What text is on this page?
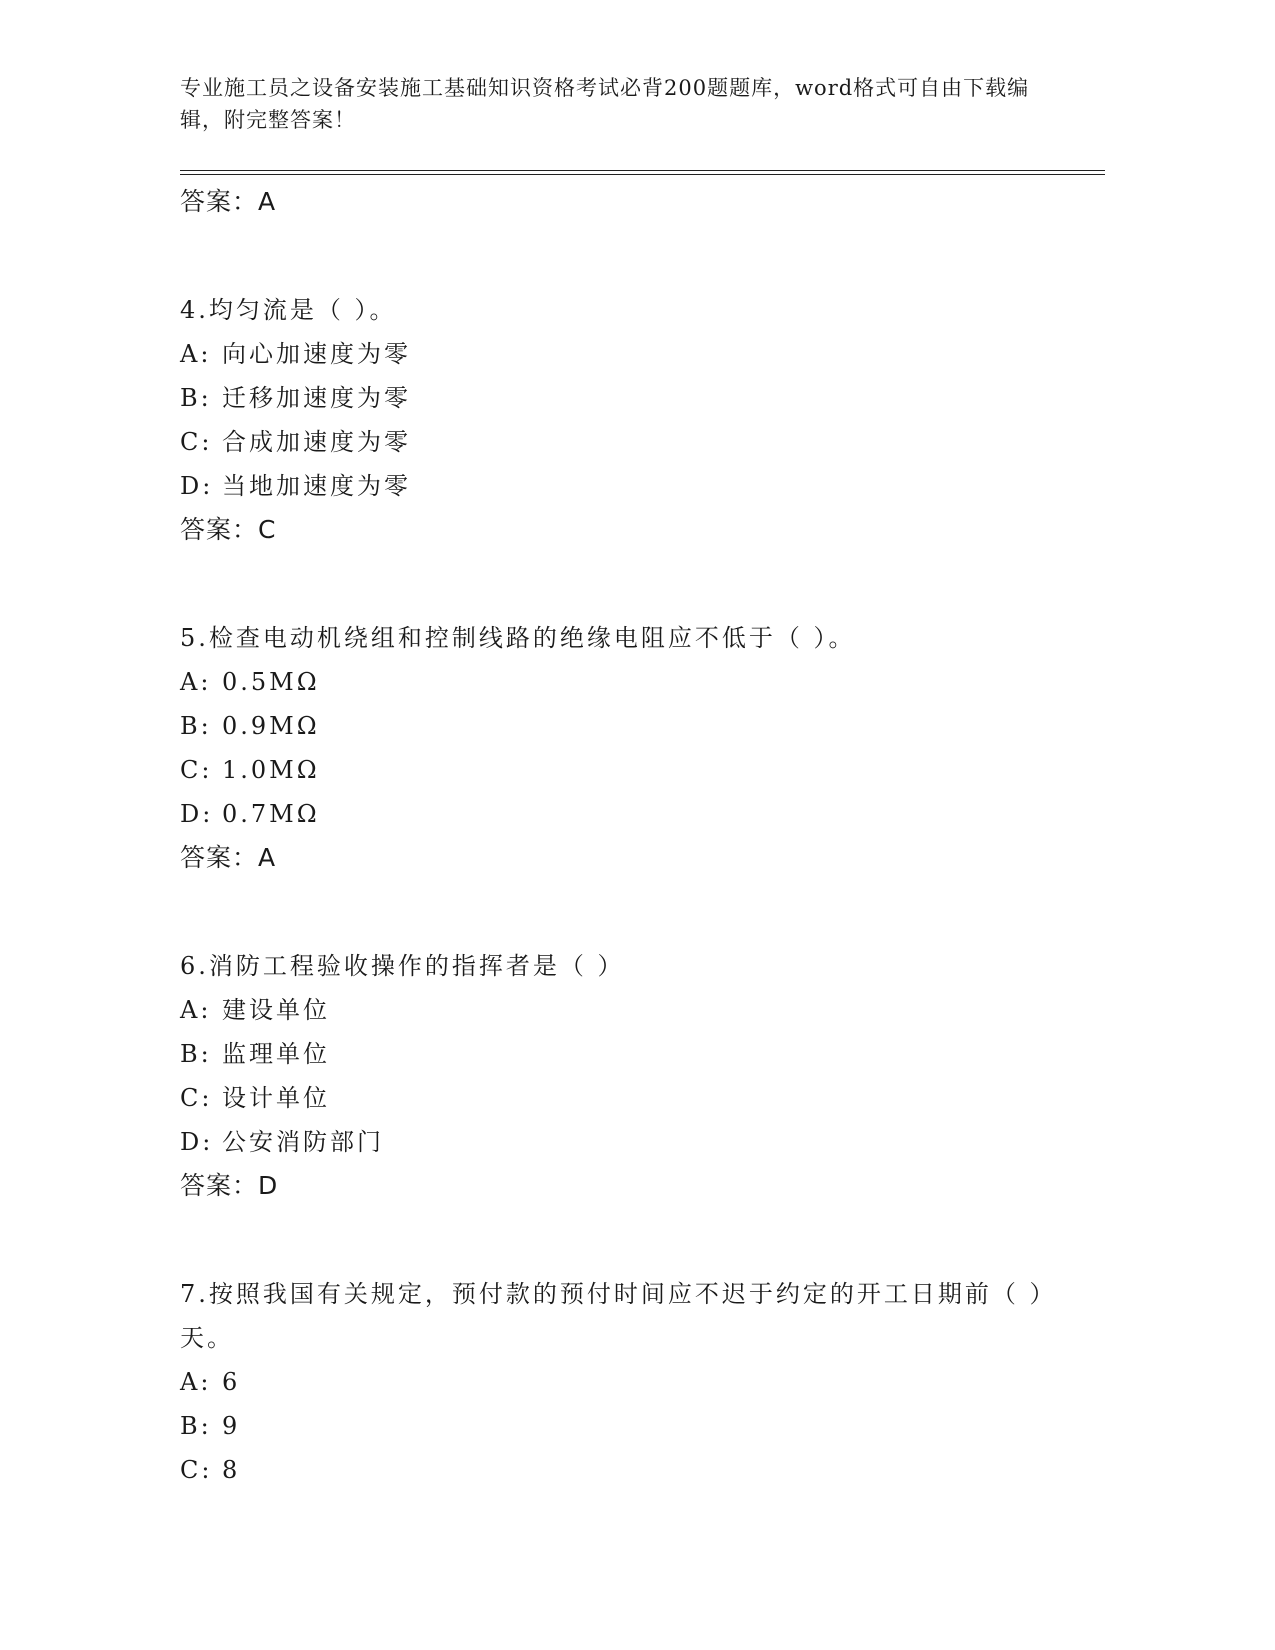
专业施工员之设备安装施工基础知识资格考试必背200题题库，word格式可自由下载编辑，附完整答案！
答案：A
4.均匀流是（ ）。
A: 向心加速度为零
B: 迁移加速度为零
C: 合成加速度为零
D: 当地加速度为零
答案：C
5.检查电动机绕组和控制线路的绝缘电阻应不低于（ ）。
A: 0.5MΩ
B: 0.9MΩ
C: 1.0MΩ
D: 0.7MΩ
答案：A
6.消防工程验收操作的指挥者是（ ）
A: 建设单位
B: 监理单位
C: 设计单位
D: 公安消防部门
答案：D
7.按照我国有关规定，预付款的预付时间应不迟于约定的开工日期前（ ）天。
A: 6
B: 9
C: 8
